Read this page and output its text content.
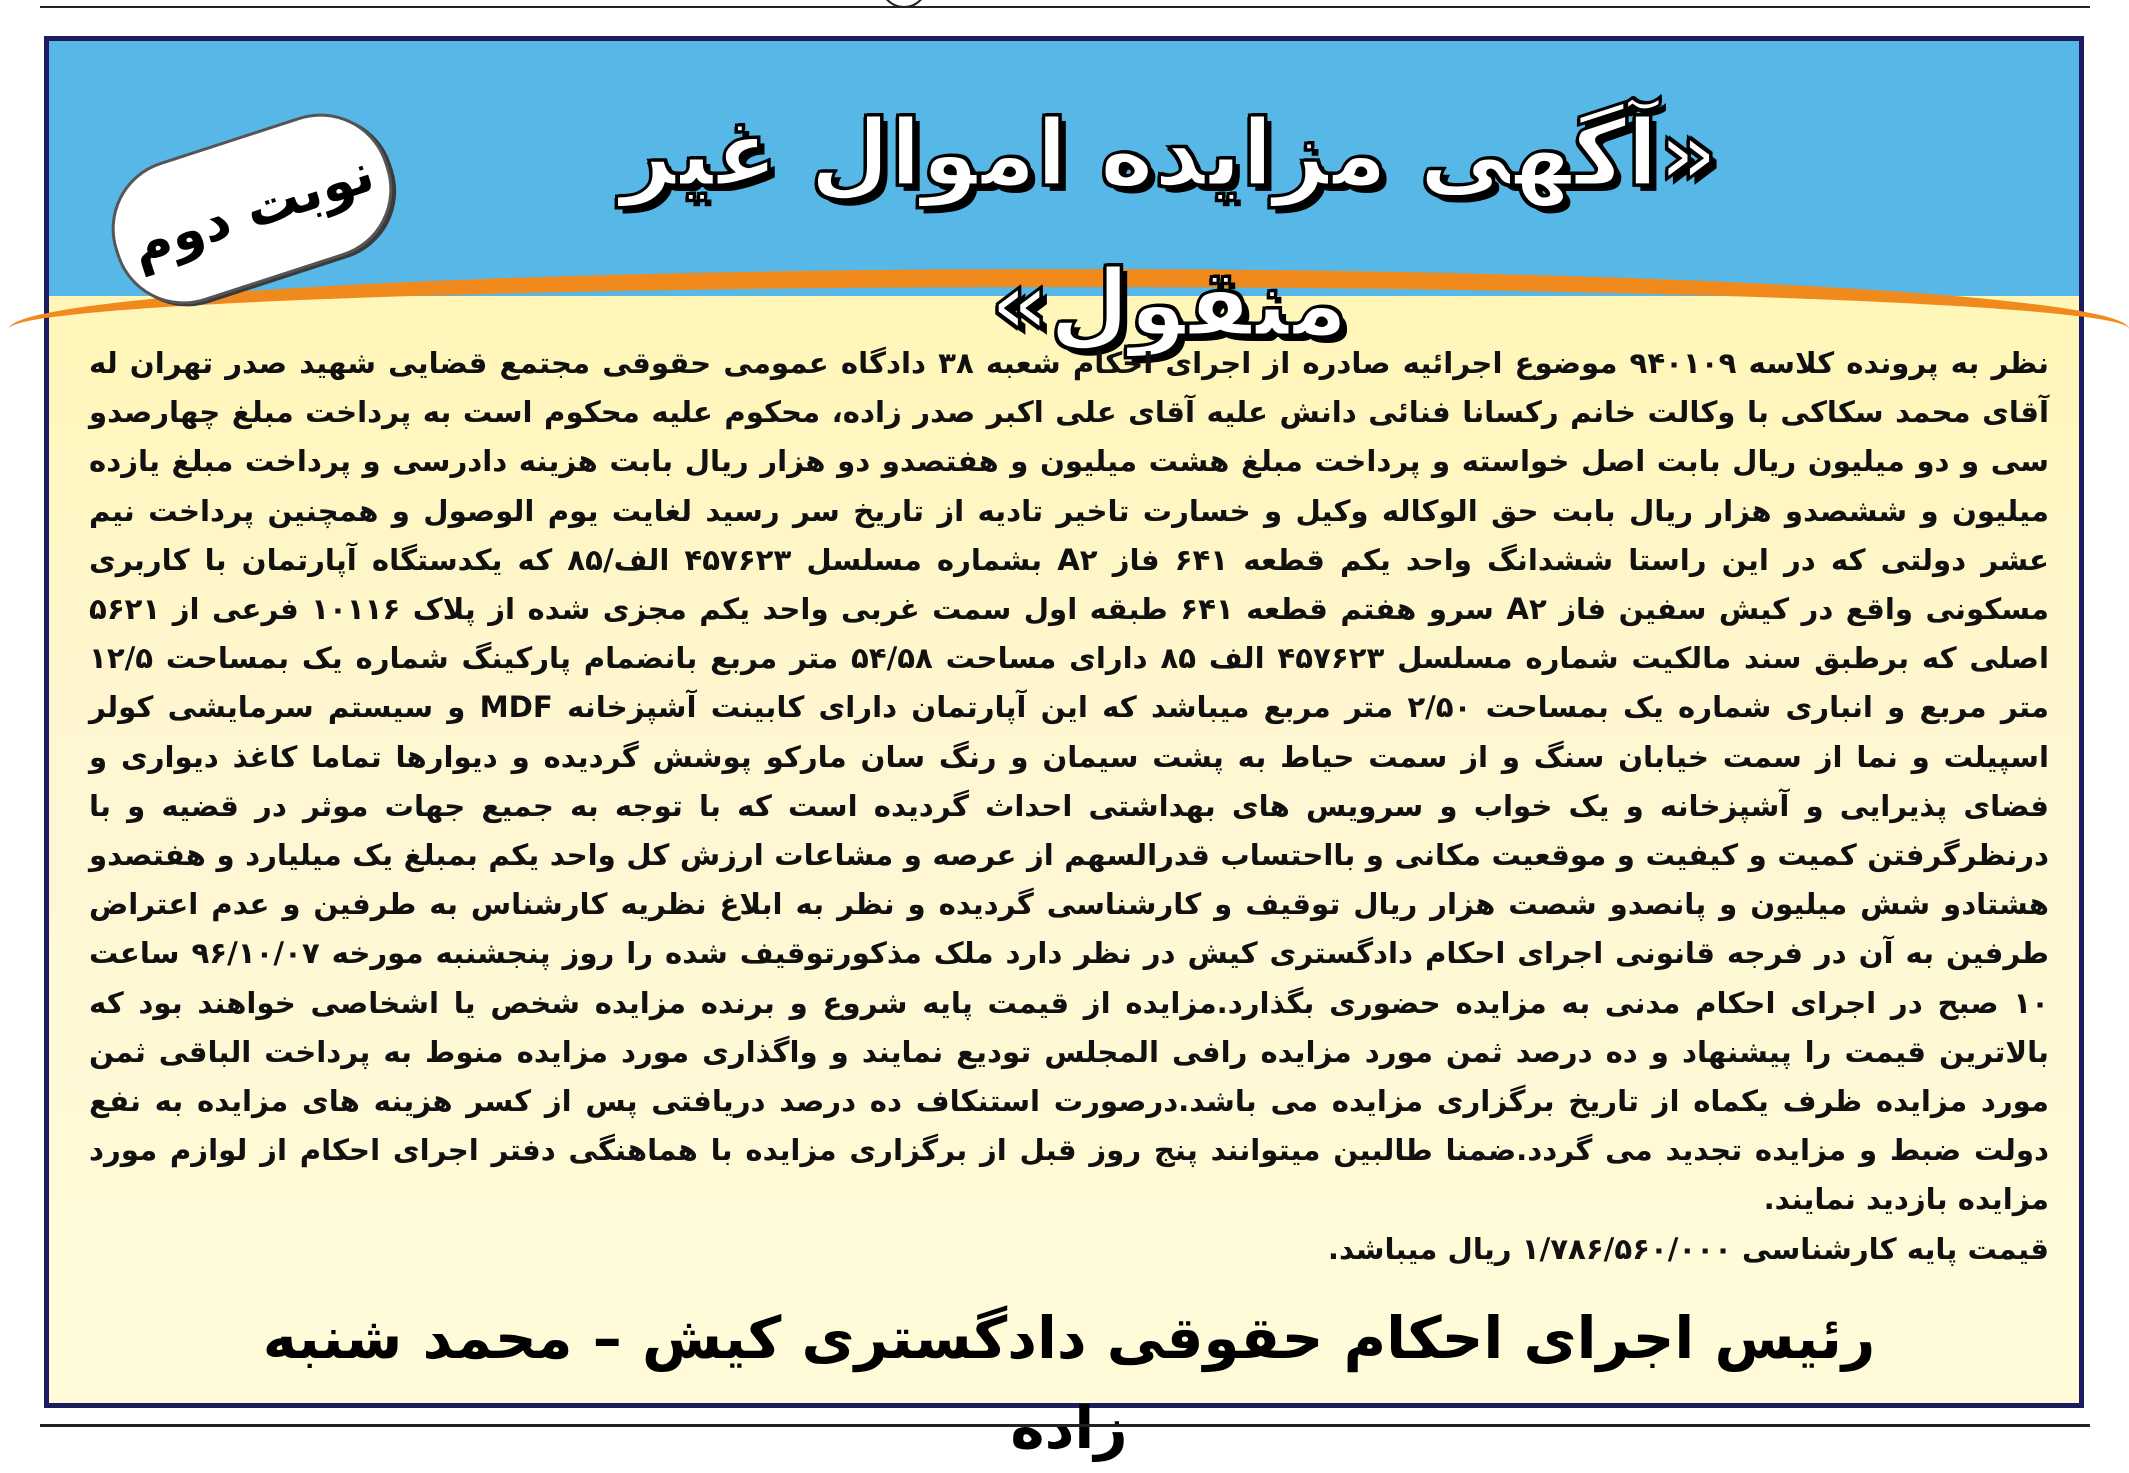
«آگهی مزایده اموال غیر منقول»
نوبت دوم

نظر به پرونده کلاسه ۹۴۰۱۰۹ موضوع اجرائیه صادره از اجرای احکام شعبه ۳۸ دادگاه عمومی حقوقی مجتمع قضایی شهید صدر تهران له آقای محمد سکاکی با وکالت خانم رکسانا فنائی دانش علیه آقای علی اکبر صدر زاده، محکوم علیه محکوم است به پرداخت مبلغ چهارصدو سی و دو میلیون ریال بابت اصل خواسته و پرداخت مبلغ هشت میلیون و هفتصدو دو هزار ریال بابت هزینه دادرسی و پرداخت مبلغ یازده میلیون و ششصدو هزار ریال بابت حق الوکاله وکیل و خسارت تاخیر تادیه از تاریخ سر رسید لغایت یوم الوصول و همچنین پرداخت نیم عشر دولتی که در این راستا ششدانگ واحد یکم قطعه ۶۴۱ فاز A۲ بشماره مسلسل ۴۵۷۶۲۳ الف/۸۵ که یکدستگاه آپارتمان با کاربری مسکونی واقع در کیش سفین فاز A۲ سرو هفتم قطعه ۶۴۱ طبقه اول سمت غربی واحد یکم مجزی شده از پلاک ۱۰۱۱۶ فرعی از ۵۶۲۱ اصلی که برطبق سند مالکیت شماره مسلسل ۴۵۷۶۲۳ الف ۸۵ دارای مساحت ۵۴/۵۸ متر مربع بانضمام پارکینگ شماره یک بمساحت ۱۲/۵ متر مربع و انباری شماره یک بمساحت ۲/۵۰ متر مربع میباشد که این آپارتمان دارای کابینت آشپزخانه MDF و سیستم سرمایشی کولر اسپیلت و نما از سمت خیابان سنگ و از سمت حیاط به پشت سیمان و رنگ سان مارکو پوشش گردیده و دیوارها تماما کاغذ دیواری و فضای پذیرایی و آشپزخانه و یک خواب و سرویس های بهداشتی احداث گردیده است که با توجه به جمیع جهات موثر در قضیه و با درنظرگرفتن کمیت و کیفیت و موقعیت مکانی و بااحتساب قدرالسهم از عرصه و مشاعات ارزش کل واحد یکم بمبلغ یک میلیارد و هفتصدو هشتادو شش میلیون و پانصدو شصت هزار ریال توقیف و کارشناسی گردیده و نظر به ابلاغ نظریه کارشناس به طرفین و عدم اعتراض طرفین به آن در فرجه قانونی اجرای احکام دادگستری کیش در نظر دارد ملک مذکورتوقیف شده را روز پنجشنبه مورخه ۹۶/۱۰/۰۷ ساعت ۱۰ صبح در اجرای احکام مدنی به مزایده حضوری بگذارد.مزایده از قیمت پایه شروع و برنده مزایده شخص یا اشخاصی خواهند بود که بالاترین قیمت را پیشنهاد و ده درصد ثمن مورد مزایده رافی المجلس تودیع نمایند و واگذاری مورد مزایده منوط به پرداخت الباقی ثمن مورد مزایده ظرف یکماه از تاریخ برگزاری مزایده می باشد.درصورت استنکاف ده درصد دریافتی پس از کسر هزینه های مزایده به نفع دولت ضبط و مزایده تجدید می گردد.ضمنا طالبین میتوانند پنج روز قبل از برگزاری مزایده با هماهنگی دفتر اجرای احکام از لوازم مورد مزایده بازدید نمایند.

قیمت پایه کارشناسی ۱/۷۸۶/۵۶۰/۰۰۰ ریال میباشد.

رئیس اجرای احکام حقوقی دادگستری کیش – محمد شنبه زاده
